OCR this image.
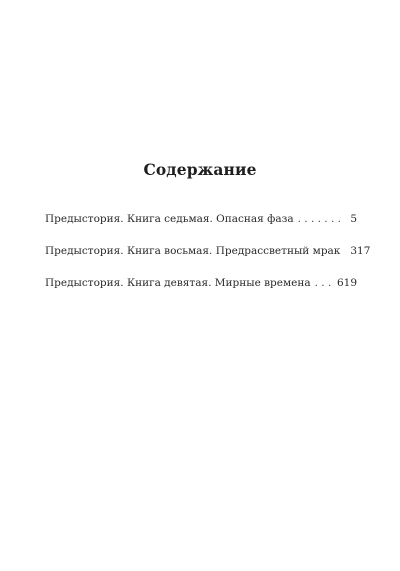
Содержание
Предыстория. Книга седьмая. Опасная фаза . . .	5
Предыстория. Книга восьмая. Предрассветный мрак 317
Предыстория. Книга девятая. Мирные времена . . .	619
